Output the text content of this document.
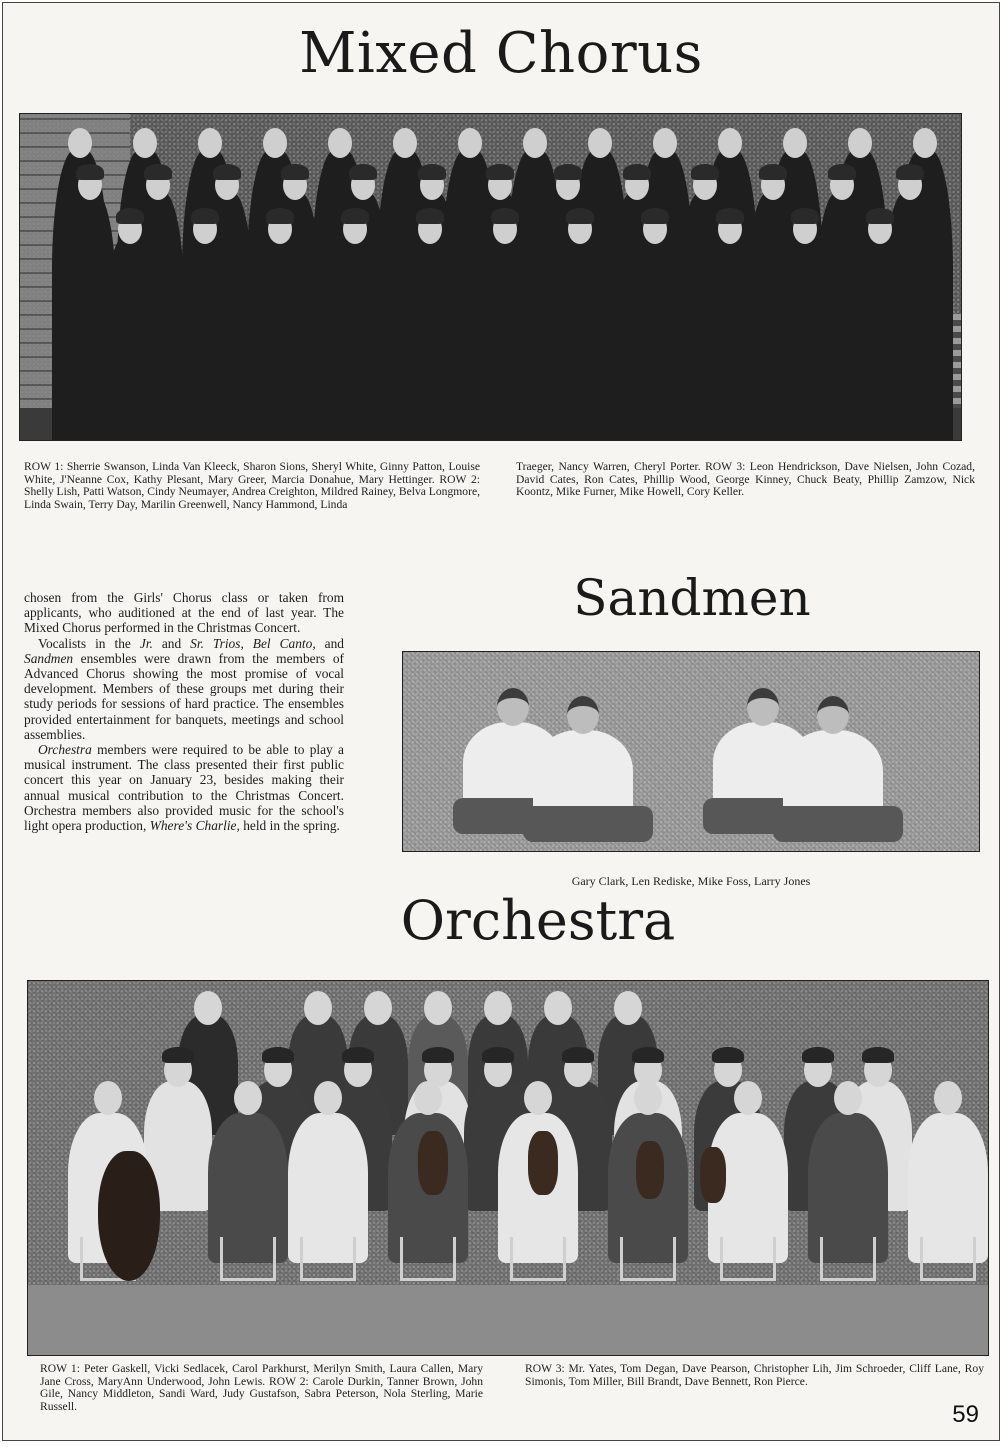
Mixed Chorus

ROW 1: Sherrie Swanson, Linda Van Kleeck, Sharon Sions, Sheryl White, Ginny Patton, Louise White, J'Neanne Cox, Kathy Plesant, Mary Greer, Marcia Donahue, Mary Hettinger. ROW 2: Shelly Lish, Patti Watson, Cindy Neumayer, Andrea Creighton, Mildred Rainey, Belva Longmore, Linda Swain, Terry Day, Marilin Greenwell, Nancy Hammond, Linda

Traeger, Nancy Warren, Cheryl Porter. ROW 3: Leon Hendrickson, Dave Nielsen, John Cozad, David Cates, Ron Cates, Phillip Wood, George Kinney, Chuck Beaty, Phillip Zamzow, Nick Koontz, Mike Furner, Mike Howell, Cory Keller.

chosen from the Girls' Chorus class or taken from applicants, who auditioned at the end of last year. The Mixed Chorus performed in the Christmas Concert.

Vocalists in the Jr. and Sr. Trios, Bel Canto, and Sandmen ensembles were drawn from the members of Advanced Chorus showing the most promise of vocal development. Members of these groups met during their study periods for sessions of hard practice. The ensembles provided entertainment for banquets, meetings and school assemblies.

Orchestra members were required to be able to play a musical instrument. The class presented their first public concert this year on January 23, besides making their annual musical contribution to the Christmas Concert. Orchestra members also provided music for the school's light opera production, Where's Charlie, held in the spring.

Sandmen

Gary Clark, Len Rediske, Mike Foss, Larry Jones

Orchestra

ROW 1: Peter Gaskell, Vicki Sedlacek, Carol Parkhurst, Merilyn Smith, Laura Callen, Mary Jane Cross, MaryAnn Underwood, John Lewis. ROW 2: Carole Durkin, Tanner Brown, John Gile, Nancy Middleton, Sandi Ward, Judy Gustafson, Sabra Peterson, Nola Sterling, Marie Russell.

ROW 3: Mr. Yates, Tom Degan, Dave Pearson, Christopher Lih, Jim Schroeder, Cliff Lane, Roy Simonis, Tom Miller, Bill Brandt, Dave Bennett, Ron Pierce.

59
